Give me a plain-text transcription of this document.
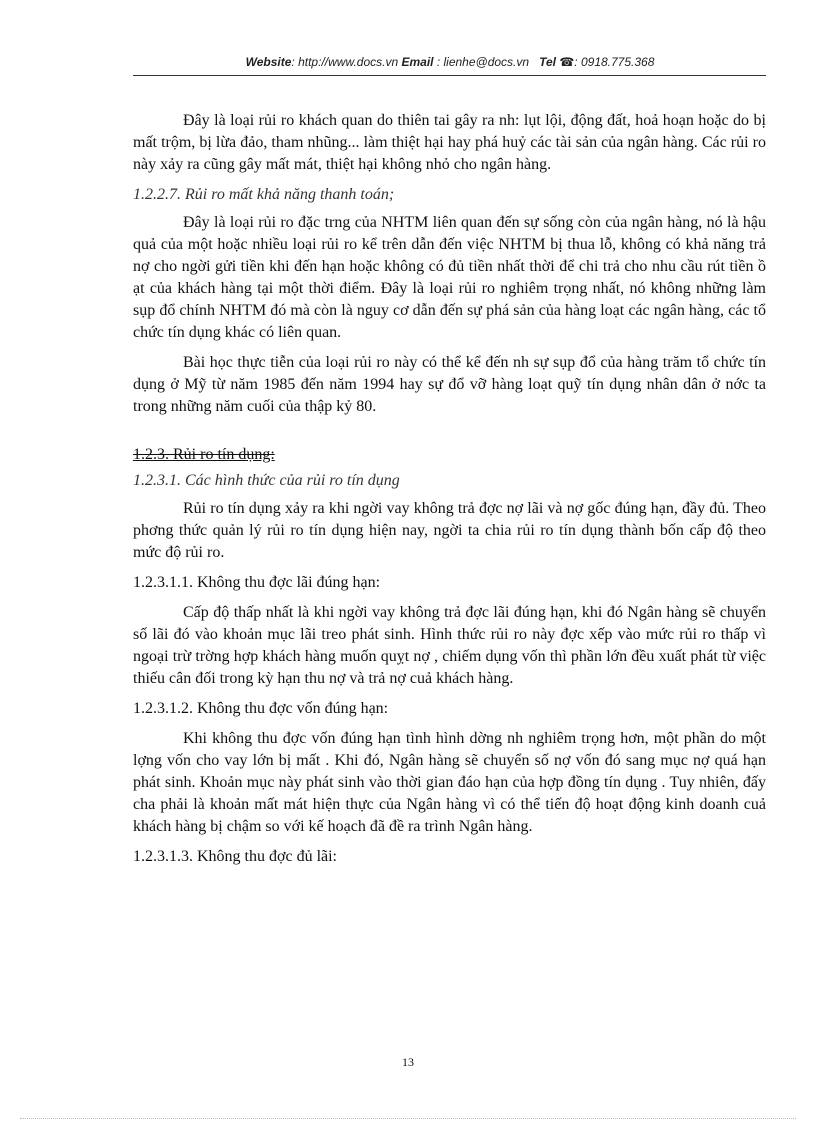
Website: http://www.docs.vn Email : lienhe@docs.vn Tel ☎: 0918.775.368

Đây là loại rủi ro khách quan do thiên tai gây ra nh: lụt lội, động đất, hoả hoạn hoặc do bị mất trộm, bị lừa đảo, tham nhũng... làm thiệt hại hay phá huỷ các tài sản của ngân hàng. Các rủi ro này xảy ra cũng gây mất mát, thiệt hại không nhỏ cho ngân hàng.

1.2.2.7. Rủi ro mất khả năng thanh toán;

Đây là loại rủi ro đặc trng của NHTM liên quan đến sự sống còn của ngân hàng, nó là hậu quả của một hoặc nhiều loại rủi ro kể trên dẫn đến việc NHTM bị thua lỗ, không có khả năng trả nợ cho ngời gửi tiền khi đến hạn hoặc không có đủ tiền nhất thời để chi trả cho nhu cầu rút tiền ồ ạt của khách hàng tại một thời điểm. Đây là loại rủi ro nghiêm trọng nhất, nó không những làm sụp đổ chính NHTM đó mà còn là nguy cơ dẫn đến sự phá sản của hàng loạt các ngân hàng, các tổ chức tín dụng khác có liên quan.

Bài học thực tiễn của loại rủi ro này có thể kể đến nh sự sụp đổ của hàng trăm tổ chức tín dụng ở Mỹ từ năm 1985 đến năm 1994 hay sự đổ vỡ hàng loạt quỹ tín dụng nhân dân ở nớc ta trong những năm cuối của thập kỷ 80.

1.2.3. Rủi ro tín dụng:

1.2.3.1. Các hình thức của rủi ro tín dụng

Rủi ro tín dụng xảy ra khi ngời vay không trả đợc nợ lãi và nợ gốc đúng hạn, đầy đủ. Theo phơng thức quản lý rủi ro tín dụng hiện nay, ngời ta chia rủi ro tín dụng thành bốn cấp độ theo mức độ rủi ro.

1.2.3.1.1. Không thu đợc lãi đúng hạn:

Cấp độ thấp nhất là khi ngời vay không trả đợc lãi đúng hạn, khi đó Ngân hàng sẽ chuyển số lãi đó vào khoản mục lãi treo phát sinh. Hình thức rủi ro này đợc xếp vào mức rủi ro thấp vì ngoại trừ trờng hợp khách hàng muốn quỵt nợ , chiếm dụng vốn thì phần lớn đều xuất phát từ việc thiếu cân đối trong kỳ hạn thu nợ và trả nợ cuả khách hàng.

1.2.3.1.2. Không thu đợc vốn đúng hạn:

Khi không thu đợc vốn đúng hạn tình hình dờng nh nghiêm trọng hơn, một phần do một lợng vốn cho vay lớn bị mất . Khi đó, Ngân hàng sẽ chuyển số nợ vốn đó sang mục nợ quá hạn phát sinh. Khoản mục này phát sinh vào thời gian đáo hạn của hợp đồng tín dụng . Tuy nhiên, đấy cha phải là khoản mất mát hiện thực của Ngân hàng vì có thể tiến độ hoạt động kinh doanh cuả khách hàng bị chậm so với kế hoạch đã đề ra trình Ngân hàng.

1.2.3.1.3. Không thu đợc đủ lãi:

13
